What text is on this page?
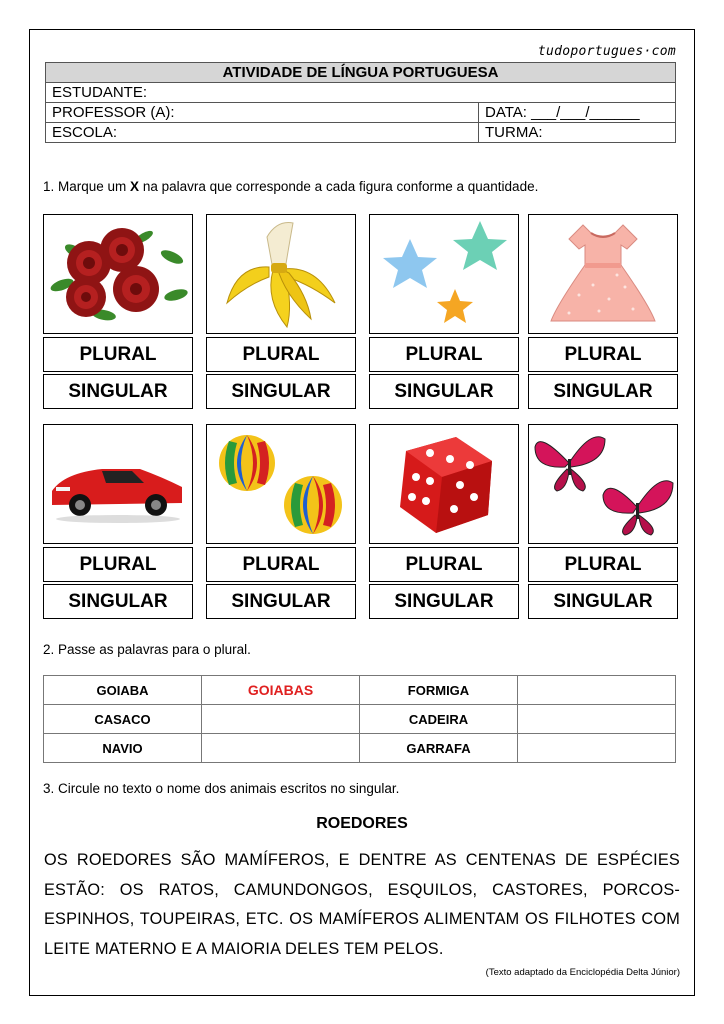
tudoportugues·com
ATIVIDADE DE LÍNGUA PORTUGUESA	
ESTUDANTE:	
PROFESSOR (A):	DATA: ___/___/______
ESCOLA:	TURMA:
1. Marque um X na palavra que corresponde a cada figura conforme a quantidade.
PLURAL
SINGULAR
PLURAL
SINGULAR
PLURAL
SINGULAR
PLURAL
SINGULAR
PLURAL
SINGULAR
PLURAL
SINGULAR
PLURAL
SINGULAR
PLURAL
SINGULAR
2. Passe as palavras para o plural.
GOIABA	GOIABAS	FORMIGA	
CASACO		CADEIRA	
NAVIO		GARRAFA	
3. Circule no texto o nome dos animais escritos no singular.
ROEDORES
OS ROEDORES SÃO MAMÍFEROS, E DENTRE AS CENTENAS DE ESPÉCIES ESTÃO: OS RATOS, CAMUNDONGOS, ESQUILOS, CASTORES, PORCOS-ESPINHOS, TOUPEIRAS, ETC. OS MAMÍFEROS ALIMENTAM OS FILHOTES COM LEITE MATERNO E A MAIORIA DELES TEM PELOS.
(Texto adaptado da Enciclopédia Delta Júnior)
